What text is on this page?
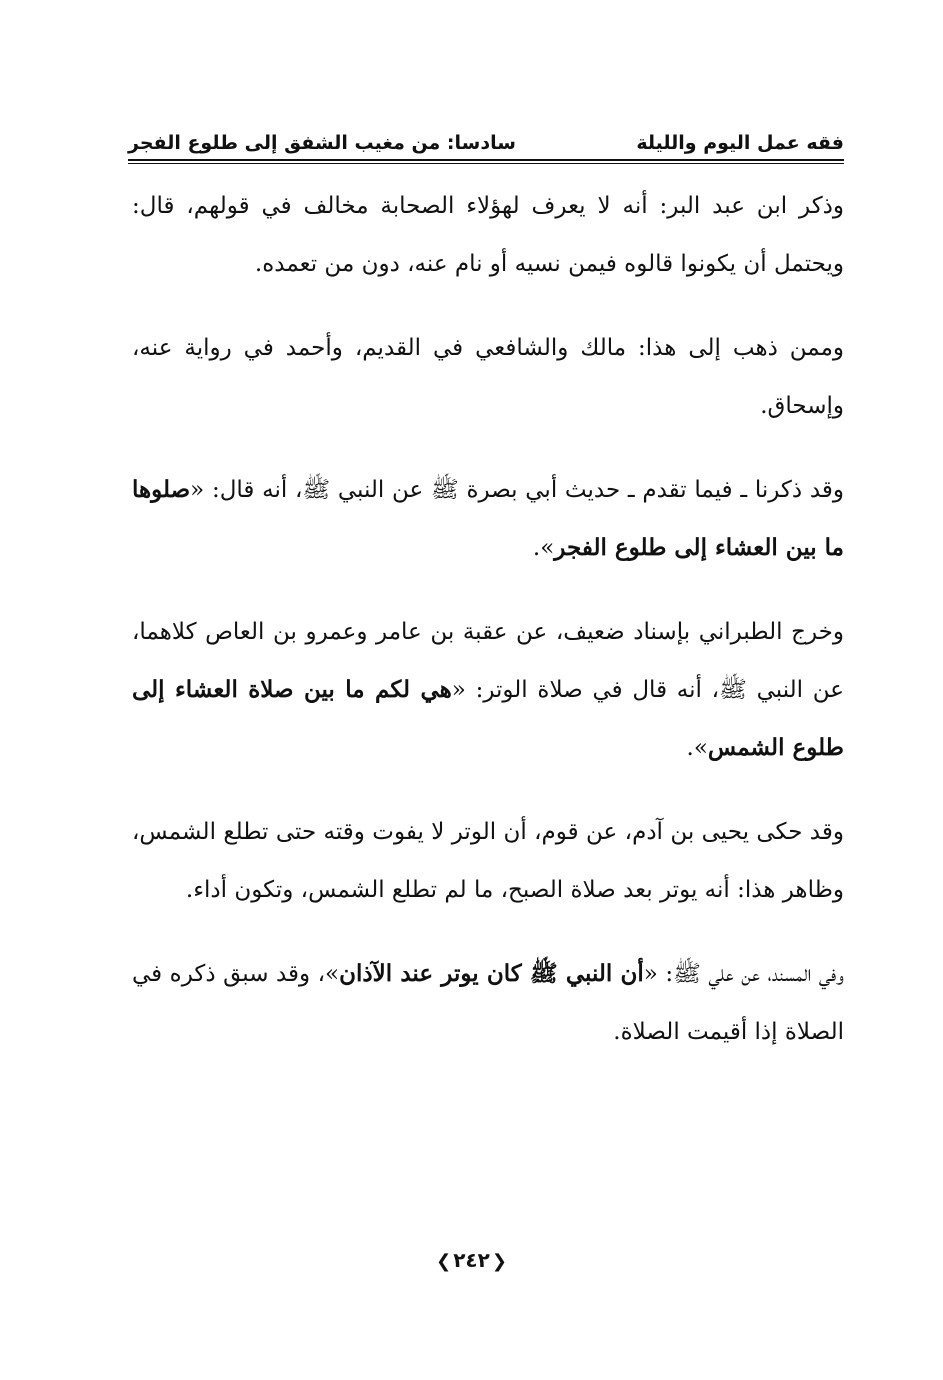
فقه عمل اليوم والليلة
سادسا: من مغيب الشفق إلى طلوع الفجر

وذكر ابن عبد البر: أنه لا يعرف لهؤلاء الصحابة مخالف في قولهم، قال: ويحتمل أن يكونوا قالوه فيمن نسيه أو نام عنه، دون من تعمده.

وممن ذهب إلى هذا: مالك والشافعي في القديم، وأحمد في رواية عنه، وإسحاق.

وقد ذكرنا ـ فيما تقدم ـ حديث أبي بصرة ﷺ عن النبي ﷺ، أنه قال: «صلوها ما بين العشاء إلى طلوع الفجر».

وخرج الطبراني بإسناد ضعيف، عن عقبة بن عامر وعمرو بن العاص كلاهما، عن النبي ﷺ، أنه قال في صلاة الوتر: «هي لكم ما بين صلاة العشاء إلى طلوع الشمس».

وقد حكى يحيى بن آدم، عن قوم، أن الوتر لا يفوت وقته حتى تطلع الشمس، وظاهر هذا: أنه يوتر بعد صلاة الصبح، ما لم تطلع الشمس، وتكون أداء.

وفي المسند، عن علي ﷺ: «أن النبي ﷺ كان يوتر عند الآذان»، وقد سبق ذكره في الصلاة إذا أقيمت الصلاة.

❮ ٢٤٢ ❯
